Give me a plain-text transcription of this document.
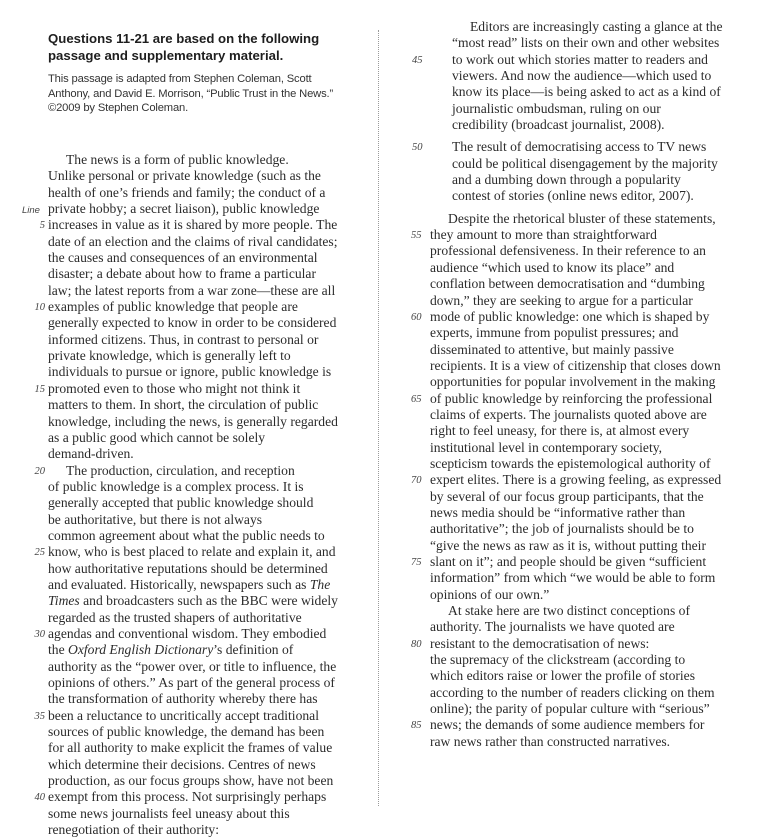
Questions 11-21 are based on the following
passage and supplementary material.
This passage is adapted from Stephen Coleman, Scott
Anthony, and David E. Morrison, “Public Trust in the News.”
©2009 by Stephen Coleman.
The news is a form of public knowledge.
Unlike personal or private knowledge (such as the
health of one’s friends and family; the conduct of a
Line private hobby; a secret liaison), public knowledge
5 increases in value as it is shared by more people. The
date of an election and the claims of rival candidates;
the causes and consequences of an environmental
disaster; a debate about how to frame a particular
law; the latest reports from a war zone—these are all
10 examples of public knowledge that people are
generally expected to know in order to be considered
informed citizens. Thus, in contrast to personal or
private knowledge, which is generally left to
individuals to pursue or ignore, public knowledge is
15 promoted even to those who might not think it
matters to them. In short, the circulation of public
knowledge, including the news, is generally regarded
as a public good which cannot be solely
demand-driven.
20	The production, circulation, and reception
of public knowledge is a complex process. It is
generally accepted that public knowledge should
be authoritative, but there is not always
common agreement about what the public needs to
25 know, who is best placed to relate and explain it, and
how authoritative reputations should be determined
and evaluated. Historically, newspapers such as The
Times and broadcasters such as the BBC were widely
regarded as the trusted shapers of authoritative
30 agendas and conventional wisdom. They embodied
the Oxford English Dictionary’s definition of
authority as the “power over, or title to influence, the
opinions of others.” As part of the general process of
the transformation of authority whereby there has
35 been a reluctance to uncritically accept traditional
sources of public knowledge, the demand has been
for all authority to make explicit the frames of value
which determine their decisions. Centres of news
production, as our focus groups show, have not been
40 exempt from this process. Not surprisingly perhaps
some news journalists feel uneasy about this
renegotiation of their authority:
Editors are increasingly casting a glance at the
“most read” lists on their own and other websites
45 to work out which stories matter to readers and
viewers. And now the audience—which used to
know its place—is being asked to act as a kind of
journalistic ombudsman, ruling on our
credibility (broadcast journalist, 2008).
50 The result of democratising access to TV news
could be political disengagement by the majority
and a dumbing down through a popularity
contest of stories (online news editor, 2007).
Despite the rhetorical bluster of these statements,
55 they amount to more than straightforward
professional defensiveness. In their reference to an
audience “which used to know its place” and
conflation between democratisation and “dumbing
down,” they are seeking to argue for a particular
60 mode of public knowledge: one which is shaped by
experts, immune from populist pressures; and
disseminated to attentive, but mainly passive
recipients. It is a view of citizenship that closes down
opportunities for popular involvement in the making
65 of public knowledge by reinforcing the professional
claims of experts. The journalists quoted above are
right to feel uneasy, for there is, at almost every
institutional level in contemporary society,
scepticism towards the epistemological authority of
70 expert elites. There is a growing feeling, as expressed
by several of our focus group participants, that the
news media should be “informative rather than
authoritative”; the job of journalists should be to
“give the news as raw as it is, without putting their
75 slant on it”; and people should be given “sufficient
information” from which “we would be able to form
opinions of our own.”
At stake here are two distinct conceptions of
authority. The journalists we have quoted are
80 resistant to the democratisation of news:
the supremacy of the clickstream (according to
which editors raise or lower the profile of stories
according to the number of readers clicking on them
online); the parity of popular culture with “serious”
85 news; the demands of some audience members for
raw news rather than constructed narratives.
